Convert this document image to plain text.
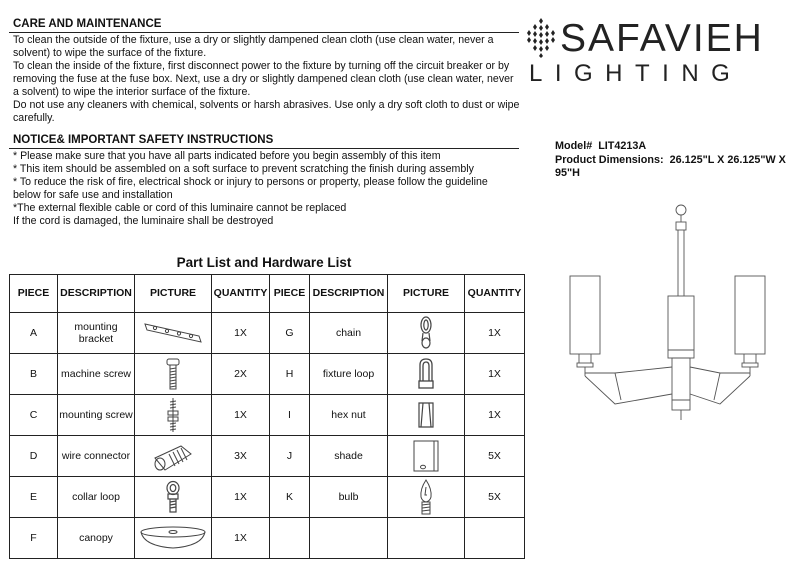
CARE AND MAINTENANCE
To clean the outside of the fixture, use a dry or slightly dampened clean cloth (use clean water, never a
solvent) to wipe the surface of the fixture.
To clean the inside of the fixture, first disconnect power to the fixture by turning off the circuit breaker or by
removing the fuse at the fuse box. Next, use a dry or slightly dampened clean cloth (use clean water, never
a solvent) to wipe the interior surface of the fixture.
Do not use any cleaners with chemical, solvents or harsh abrasives. Use only a dry soft cloth to dust or wipe
carefully.
NOTICE& IMPORTANT SAFETY INSTRUCTIONS
* Please make sure that you have all parts indicated before you begin assembly of this item
* This item should be assembled on a soft surface to prevent scratching the finish during assembly
* To reduce the risk of fire, electrical shock or injury to persons or property, please follow the guideline
below for safe use and installation
*The external flexible cable or cord of this luminaire cannot be replaced
If the cord is damaged, the luminaire shall be destroyed
SAFAVIEH
LIGHTING
Model# LIT4213A
Product Dimensions: 26.125"L X 26.125"W X
95"H
Part List and Hardware List
PIECE	DESCRIPTION	PICTURE	QUANTITY	PIECE	DESCRIPTION	PICTURE	QUANTITY
A	mounting bracket		1X	G	chain		1X
B	machine screw		2X	H	fixture loop		1X
C	mounting screw		1X	I	hex nut		1X
D	wire connector		3X	J	shade		5X
E	collar loop		1X	K	bulb		5X
F	canopy		1X				
